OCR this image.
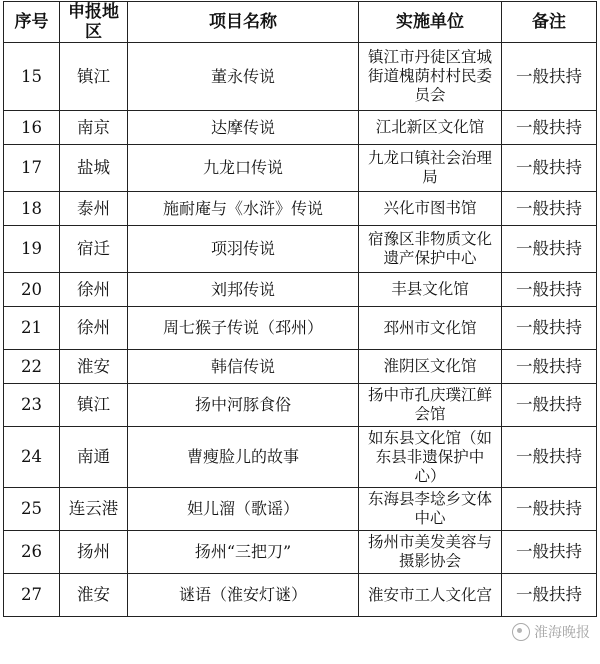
序号	申报地区	项目名称	实施单位	备注
15	镇江	董永传说	镇江市丹徒区宜城街道槐荫村村民委员会	一般扶持
16	南京	达摩传说	江北新区文化馆	一般扶持
17	盐城	九龙口传说	九龙口镇社会治理局	一般扶持
18	泰州	施耐庵与《水浒》传说	兴化市图书馆	一般扶持
19	宿迁	项羽传说	宿豫区非物质文化遗产保护中心	一般扶持
20	徐州	刘邦传说	丰县文化馆	一般扶持
21	徐州	周七猴子传说（邳州）	邳州市文化馆	一般扶持
22	淮安	韩信传说	淮阴区文化馆	一般扶持
23	镇江	扬中河豚食俗	扬中市孔庆璞江鲜会馆	一般扶持
24	南通	曹瘦脸儿的故事	如东县文化馆（如东县非遗保护中心）	一般扶持
25	连云港	妲儿溜（歌谣）	东海县李埝乡文体中心	一般扶持
26	扬州	扬州“三把刀”	扬州市美发美容与摄影协会	一般扶持
27	淮安	谜语（淮安灯谜）	淮安市工人文化宫	一般扶持
淮海晚报
